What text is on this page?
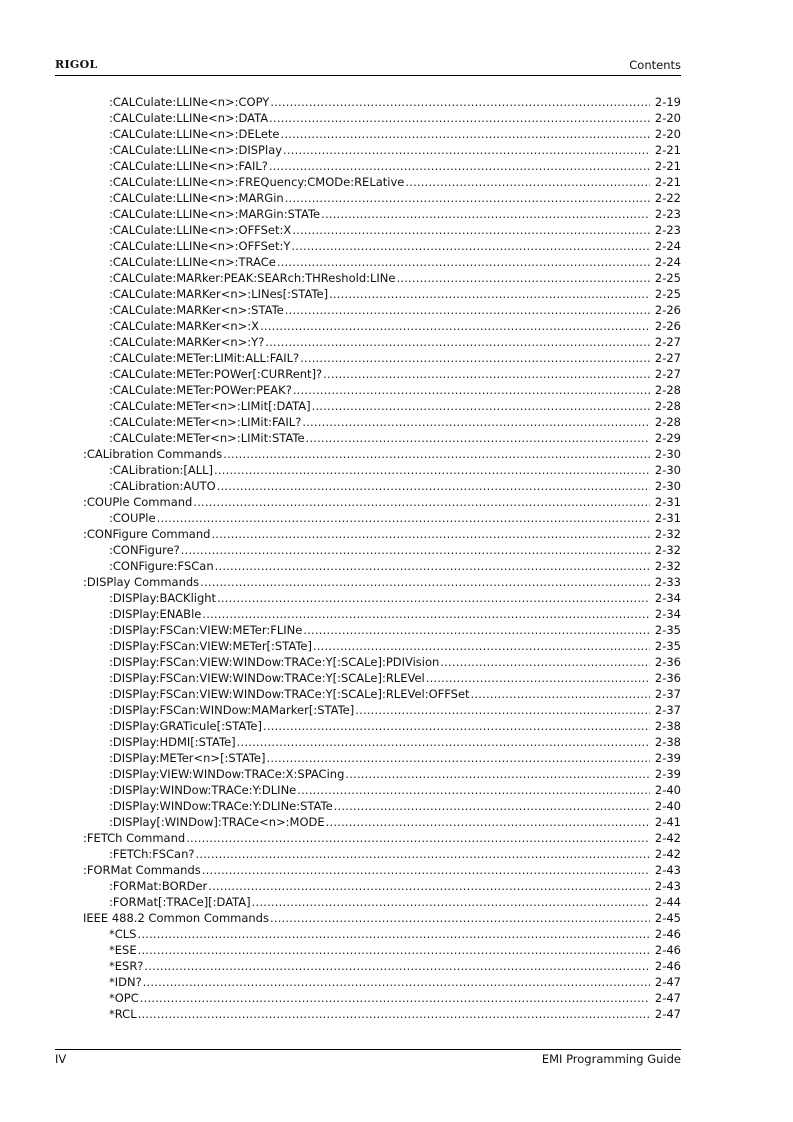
RIGOL	Contents
:CALCulate:LLINe<n>:COPY .....	2-19
:CALCulate:LLINe<n>:DATA .....	2-20
:CALCulate:LLINe<n>:DELete .....	2-20
:CALCulate:LLINe<n>:DISPlay .....	2-21
:CALCulate:LLINe<n>:FAIL? .....	2-21
:CALCulate:LLINe<n>:FREQuency:CMODe:RELative .....	2-21
:CALCulate:LLINe<n>:MARGin .....	2-22
:CALCulate:LLINe<n>:MARGin:STATe .....	2-23
:CALCulate:LLINe<n>:OFFSet:X .....	2-23
:CALCulate:LLINe<n>:OFFSet:Y .....	2-24
:CALCulate:LLINe<n>:TRACe .....	2-24
:CALCulate:MARker:PEAK:SEARch:THReshold:LINe .....	2-25
:CALCulate:MARKer<n>:LINes[:STATe] .....	2-25
:CALCulate:MARKer<n>:STATe .....	2-26
:CALCulate:MARKer<n>:X .....	2-26
:CALCulate:MARKer<n>:Y? .....	2-27
:CALCulate:METer:LIMit:ALL:FAIL? .....	2-27
:CALCulate:METer:POWer[:CURRent]? .....	2-27
:CALCulate:METer:POWer:PEAK? .....	2-28
:CALCulate:METer<n>:LIMit[:DATA] .....	2-28
:CALCulate:METer<n>:LIMit:FAIL? .....	2-28
:CALCulate:METer<n>:LIMit:STATe .....	2-29
:CALibration Commands .....	2-30
:CALibration:[ALL] .....	2-30
:CALibration:AUTO .....	2-30
:COUPle Command .....	2-31
:COUPle .....	2-31
:CONFigure Command .....	2-32
:CONFigure? .....	2-32
:CONFigure:FSCan .....	2-32
:DISPlay Commands .....	2-33
:DISPlay:BACKlight .....	2-34
:DISPlay:ENABle .....	2-34
:DISPlay:FSCan:VIEW:METer:FLINe .....	2-35
:DISPlay:FSCan:VIEW:METer[:STATe] .....	2-35
:DISPlay:FSCan:VIEW:WINDow:TRACe:Y[:SCALe]:PDIVision .....	2-36
:DISPlay:FSCan:VIEW:WINDow:TRACe:Y[:SCALe]:RLEVel .....	2-36
:DISPlay:FSCan:VIEW:WINDow:TRACe:Y[:SCALe]:RLEVel:OFFSet .....	2-37
:DISPlay:FSCan:WINDow:MAMarker[:STATe] .....	2-37
:DISPlay:GRATicule[:STATe] .....	2-38
:DISPlay:HDMI[:STATe] .....	2-38
:DISPlay:METer<n>[:STATe] .....	2-39
:DISPlay:VIEW:WINDow:TRACe:X:SPACing .....	2-39
:DISPlay:WINDow:TRACe:Y:DLINe .....	2-40
:DISPlay:WINDow:TRACe:Y:DLINe:STATe .....	2-40
:DISPlay[:WINDow]:TRACe<n>:MODE .....	2-41
:FETCh Command .....	2-42
:FETCh:FSCan? .....	2-42
:FORMat Commands .....	2-43
:FORMat:BORDer .....	2-43
:FORMat[:TRACe][:DATA] .....	2-44
IEEE 488.2 Common Commands .....	2-45
*CLS .....	2-46
*ESE .....	2-46
*ESR? .....	2-46
*IDN? .....	2-47
*OPC .....	2-47
*RCL .....	2-47
IV	EMI Programming Guide
